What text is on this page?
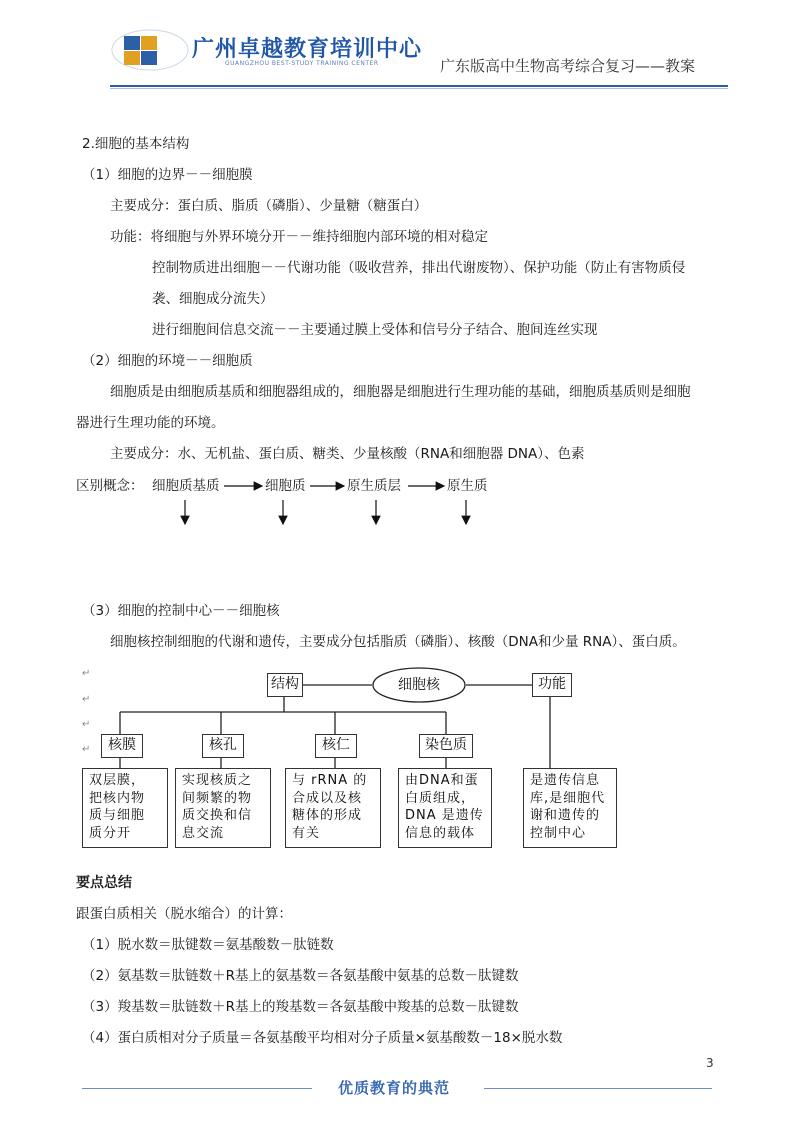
广州卓越教育培训中心
GUANGZHOU BEST-STUDY TRAINING CENTER	广东版高中生物高考综合复习——教案
2.细胞的基本结构
（1）细胞的边界－－细胞膜
主要成分：蛋白质、脂质（磷脂）、少量糖（糖蛋白）
功能：将细胞与外界环境分开－－维持细胞内部环境的相对稳定
控制物质进出细胞－－代谢功能（吸收营养，排出代谢废物）、保护功能（防止有害物质侵
袭、细胞成分流失）
进行细胞间信息交流－－主要通过膜上受体和信号分子结合、胞间连丝实现
（2）细胞的环境－－细胞质
细胞质是由细胞质基质和细胞器组成的，细胞器是细胞进行生理功能的基础，细胞质基质则是细胞
器进行生理功能的环境。
主要成分：水、无机盐、蛋白质、糖类、少量核酸（RNA和细胞器 DNA）、色素
区别概念： 细胞质基质	细胞质	原生质层	原生质
（3）细胞的控制中心－－细胞核
细胞核控制细胞的代谢和遗传，主要成分包括脂质（磷脂）、核酸（DNA和少量 RNA）、蛋白质。
细胞核
结构	功能
核膜	核孔	核仁	染色质
双层膜，
把核内物
质与细胞
质分开
实现核质之
间频繁的物
质交换和信
息交流
与 rRNA 的
合成以及核
糖体的形成
有关
由DNA和蛋
白质组成，
DNA 是遗传
信息的载体
是遗传信息
库,是细胞代
谢和遗传的
控制中心
↵
↵
↵
↵
要点总结
跟蛋白质相关（脱水缩合）的计算：
（1）脱水数＝肽键数＝氨基酸数－肽链数
（2）氨基数＝肽链数＋R基上的氨基数＝各氨基酸中氨基的总数－肽键数
（3）羧基数＝肽链数＋R基上的羧基数＝各氨基酸中羧基的总数－肽键数
（4）蛋白质相对分子质量＝各氨基酸平均相对分子质量×氨基酸数－18×脱水数
3
优质教育的典范
